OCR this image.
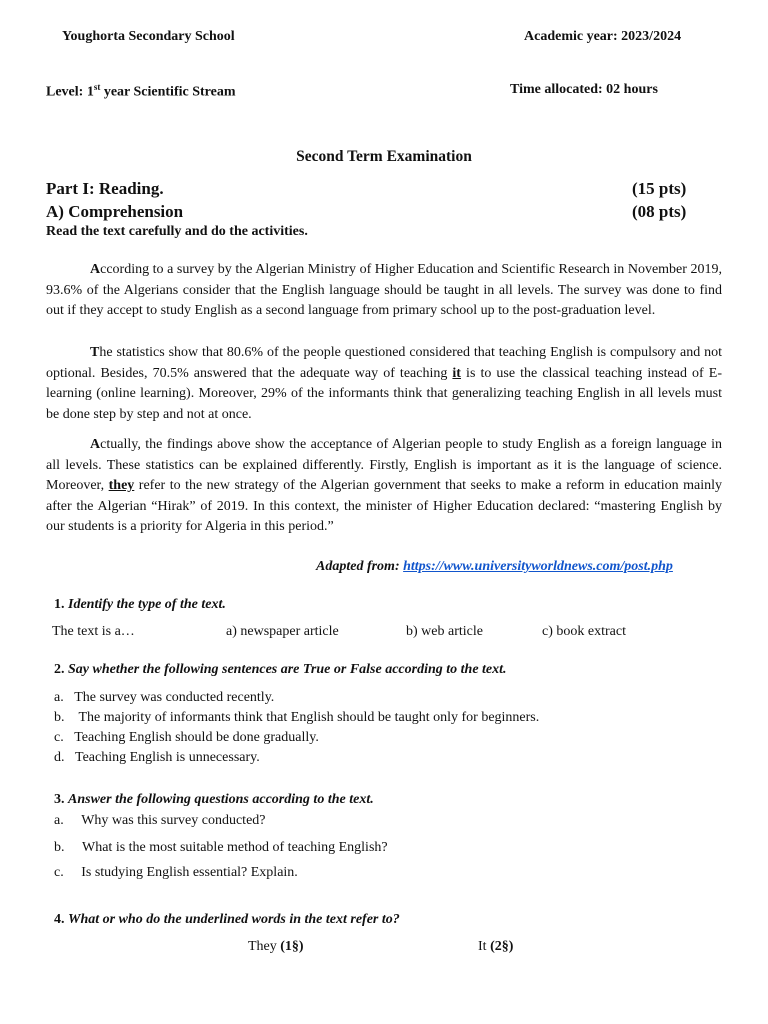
Youghorta Secondary School	Academic year: 2023/2024
Level: 1st year Scientific Stream	Time allocated: 02 hours
Second Term Examination
Part I: Reading.	(15 pts)
A) Comprehension	(08 pts)
Read the text carefully and do the activities.
According to a survey by the Algerian Ministry of Higher Education and Scientific Research in November 2019, 93.6% of the Algerians consider that the English language should be taught in all levels. The survey was done to find out if they accept to study English as a second language from primary school up to the post-graduation level.
The statistics show that 80.6% of the people questioned considered that teaching English is compulsory and not optional. Besides, 70.5% answered that the adequate way of teaching it is to use the classical teaching instead of E- learning (online learning). Moreover, 29% of the informants think that generalizing teaching English in all levels must be done step by step and not at once.
Actually, the findings above show the acceptance of Algerian people to study English as a foreign language in all levels. These statistics can be explained differently. Firstly, English is important as it is the language of science. Moreover, they refer to the new strategy of the Algerian government that seeks to make a reform in education mainly after the Algerian “Hirak” of 2019. In this context, the minister of Higher Education declared: “mastering English by our students is a priority for Algeria in this period.”
Adapted from: https://www.universityworldnews.com/post.php
1. Identify the type of the text.
The text is a…	a) newspaper article	b) web article	c) book extract
2. Say whether the following sentences are True or False according to the text.
a. The survey was conducted recently.
b. The majority of informants think that English should be taught only for beginners.
c. Teaching English should be done gradually.
d. Teaching English is unnecessary.
3. Answer the following questions according to the text.
a. Why was this survey conducted?
b. What is the most suitable method of teaching English?
c. Is studying English essential? Explain.
4. What or who do the underlined words in the text refer to?
They (1§)	It (2§)
